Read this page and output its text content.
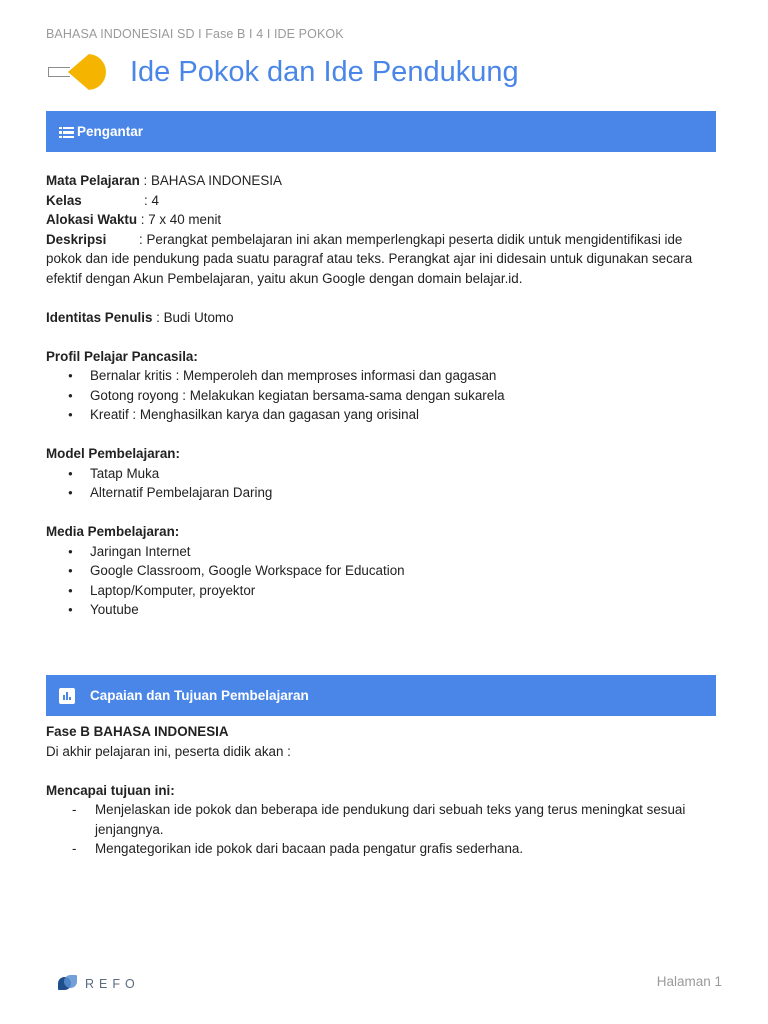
BAHASA INDONESIAI SD I Fase B I 4 I IDE POKOK
Ide Pokok dan Ide Pendukung
Pengantar
Mata Pelajaran : BAHASA INDONESIA
Kelas	: 4
Alokasi Waktu : 7 x 40 menit
Deskripsi : Perangkat pembelajaran ini akan memperlengkapi peserta didik untuk mengidentifikasi ide
pokok dan ide pendukung pada suatu paragraf atau teks. Perangkat ajar ini didesain untuk digunakan secara
efektif dengan Akun Pembelajaran, yaitu akun Google dengan domain belajar.id.
Identitas Penulis : Budi Utomo
Profil Pelajar Pancasila:
● Bernalar kritis : Memperoleh dan memproses informasi dan gagasan
● Gotong royong : Melakukan kegiatan bersama-sama dengan sukarela
● Kreatif : Menghasilkan karya dan gagasan yang orisinal
Model Pembelajaran:
● Tatap Muka
● Alternatif Pembelajaran Daring
Media Pembelajaran:
● Jaringan Internet
● Google Classroom, Google Workspace for Education
● Laptop/Komputer, proyektor
● Youtube
Capaian dan Tujuan Pembelajaran
Fase B BAHASA INDONESIA
Di akhir pelajaran ini, peserta didik akan :
Mencapai tujuan ini:
- Menjelaskan ide pokok dan beberapa ide pendukung dari sebuah teks yang terus meningkat sesuai
jenjangnya.
- Mengategorikan ide pokok dari bacaan pada pengatur grafis sederhana.
REFO	Halaman 1
